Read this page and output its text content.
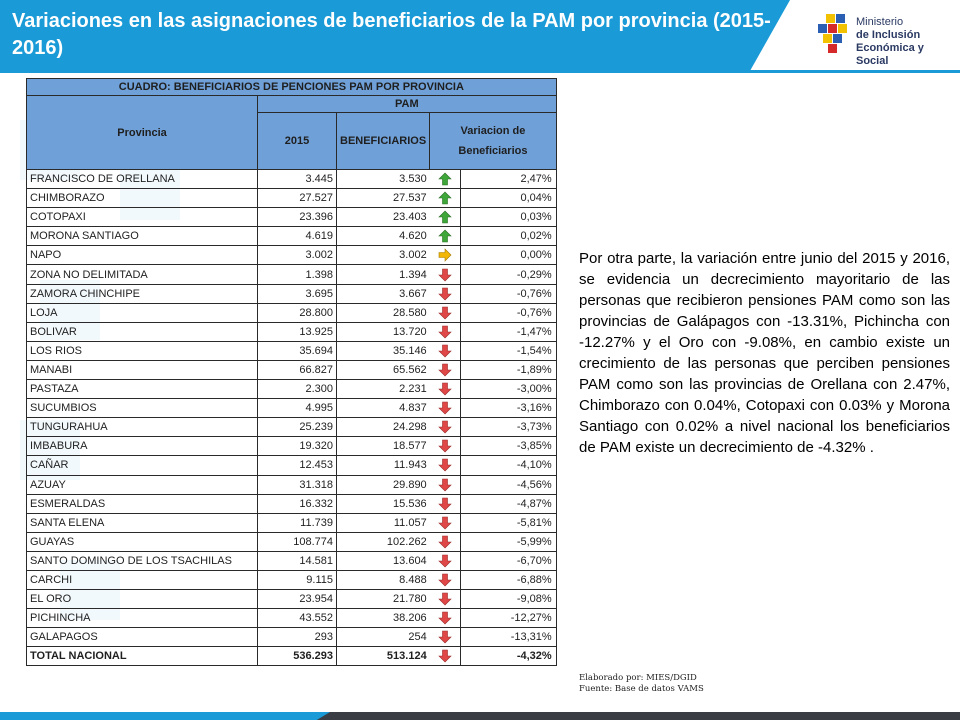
Variaciones en las asignaciones de beneficiarios de la PAM por provincia (2015-2016)
Ministerio
de Inclusión
Económica y Social
CUADRO: BENEFICIARIOS DE PENCIONES PAM POR PROVINCIA				
Provincia	PAM			
	2015	BENEFICIARIOS	Variacion de Beneficiarios	
FRANCISCO DE ORELLANA	3.445	3.530		2,47%
CHIMBORAZO	27.527	27.537		0,04%
COTOPAXI	23.396	23.403		0,03%
MORONA SANTIAGO	4.619	4.620		0,02%
NAPO	3.002	3.002		0,00%
ZONA NO DELIMITADA	1.398	1.394		-0,29%
ZAMORA CHINCHIPE	3.695	3.667		-0,76%
LOJA	28.800	28.580		-0,76%
BOLIVAR	13.925	13.720		-1,47%
LOS RIOS	35.694	35.146		-1,54%
MANABI	66.827	65.562		-1,89%
PASTAZA	2.300	2.231		-3,00%
SUCUMBIOS	4.995	4.837		-3,16%
TUNGURAHUA	25.239	24.298		-3,73%
IMBABURA	19.320	18.577		-3,85%
CAÑAR	12.453	11.943		-4,10%
AZUAY	31.318	29.890		-4,56%
ESMERALDAS	16.332	15.536		-4,87%
SANTA ELENA	11.739	11.057		-5,81%
GUAYAS	108.774	102.262		-5,99%
SANTO DOMINGO DE LOS TSACHILAS	14.581	13.604		-6,70%
CARCHI	9.115	8.488		-6,88%
EL ORO	23.954	21.780		-9,08%
PICHINCHA	43.552	38.206		-12,27%
GALAPAGOS	293	254		-13,31%
TOTAL NACIONAL	536.293	513.124		-4,32%
Por otra parte, la variación entre junio del 2015 y 2016, se evidencia un decrecimiento mayoritario de las personas que recibieron pensiones PAM como son las provincias de Galápagos con -13.31%, Pichincha con -12.27% y el Oro con -9.08%, en cambio existe un crecimiento de las personas que perciben pensiones PAM como son las provincias de Orellana con 2.47%, Chimborazo con 0.04%, Cotopaxi con 0.03% y Morona Santiago con 0.02% a nivel nacional los beneficiarios de PAM existe un decrecimiento de -4.32% .
Elaborado por: MIES/DGID
Fuente: Base de datos VAMS
